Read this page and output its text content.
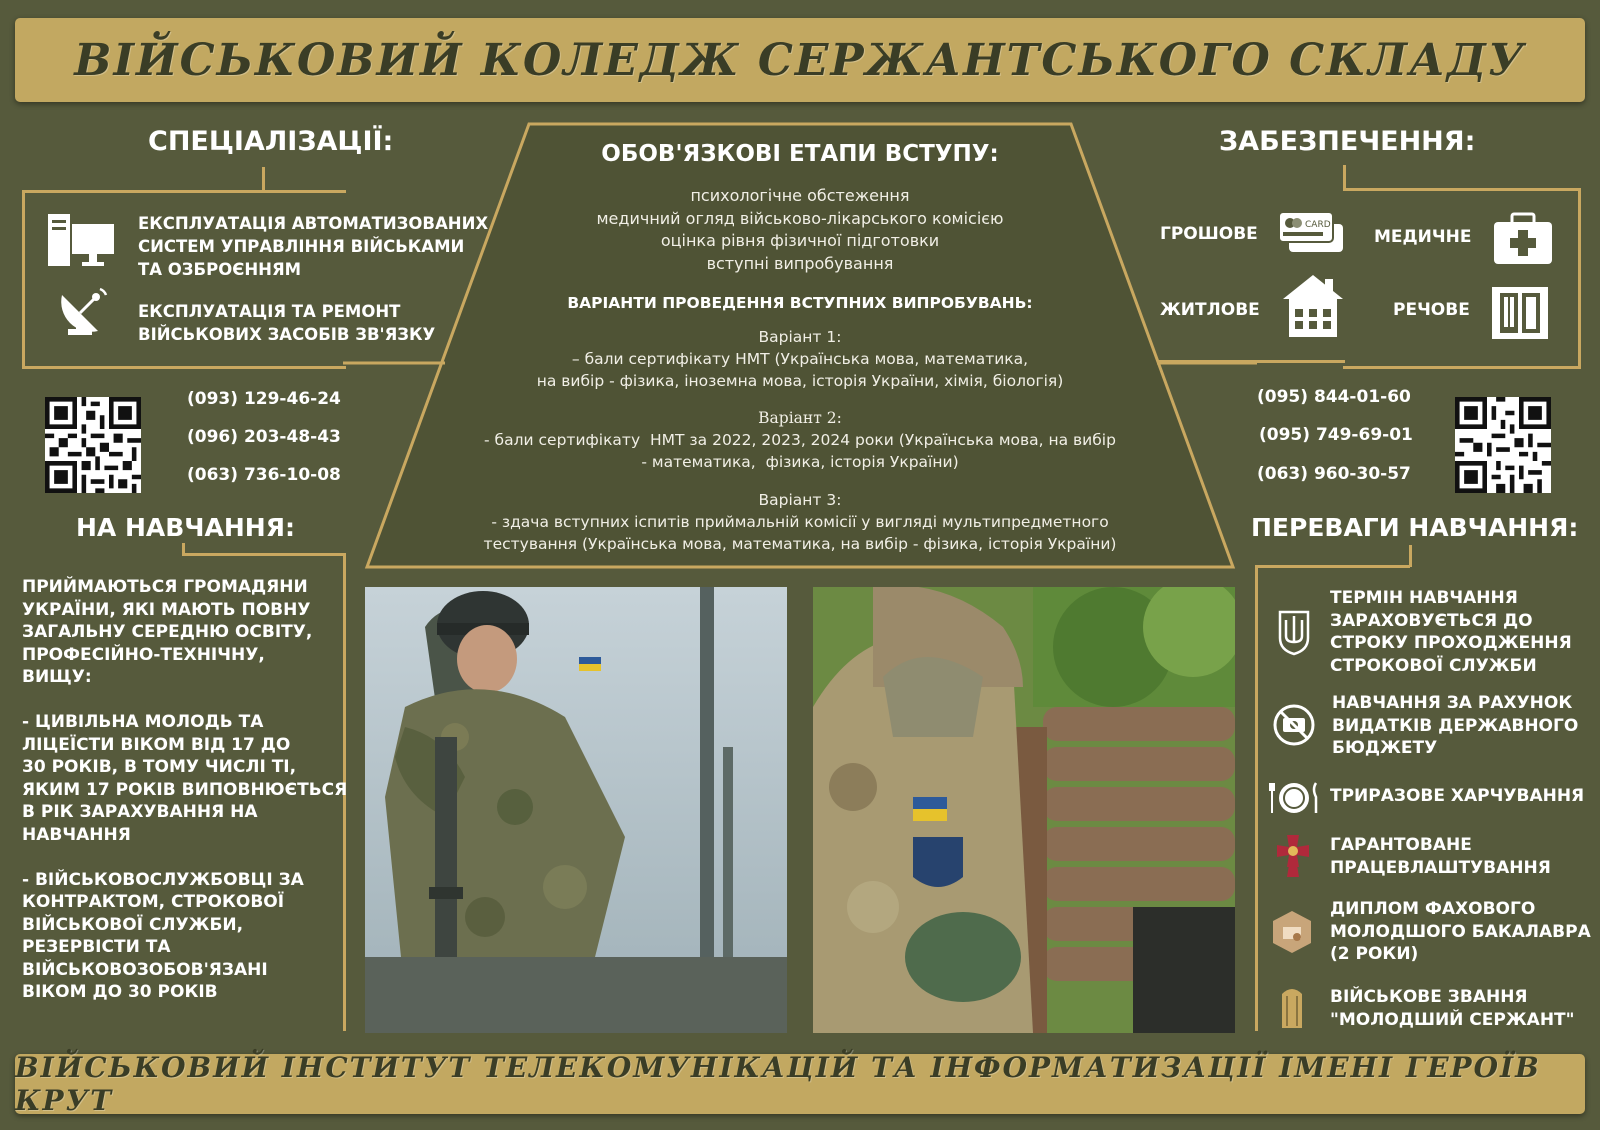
ВІЙСЬКОВИЙ КОЛЕДЖ СЕРЖАНТСЬКОГО СКЛАДУ
СПЕЦІАЛІЗАЦІЇ:
ЕКСПЛУАТАЦІЯ АВТОМАТИЗОВАНИХ
СИСТЕМ УПРАВЛІННЯ ВІЙСЬКАМИ
ТА ОЗБРОЄННЯМ
ЕКСПЛУАТАЦІЯ ТА РЕМОНТ
ВІЙСЬКОВИХ ЗАСОБІВ ЗВ'ЯЗКУ
(093) 129-46-24
(096) 203-48-43
(063) 736-10-08
НА НАВЧАННЯ:
ПРИЙМАЮТЬСЯ ГРОМАДЯНИ
УКРАЇНИ, ЯКІ МАЮТЬ ПОВНУ
ЗАГАЛЬНУ СЕРЕДНЮ ОСВІТУ,
ПРОФЕСІЙНО-ТЕХНІЧНУ,
ВИЩУ:

- ЦИВІЛЬНА МОЛОДЬ ТА
ЛІЦЕЇСТИ ВІКОМ ВІД 17 ДО
30 РОКІВ, В ТОМУ ЧИСЛІ ТІ,
ЯКИМ 17 РОКІВ ВИПОВНЮЄТЬСЯ
В РІК ЗАРАХУВАННЯ НА
НАВЧАННЯ

- ВІЙСЬКОВОСЛУЖБОВЦІ ЗА
КОНТРАКТОМ, СТРОКОВОЇ
ВІЙСЬКОВОЇ СЛУЖБИ,
РЕЗЕРВІСТИ ТА
ВІЙСЬКОВОЗОБОВ'ЯЗАНІ
ВІКОМ ДО 30 РОКІВ
ОБОВ'ЯЗКОВІ ЕТАПИ ВСТУПУ:
психологічне обстеження
медичний огляд військово-лікарського комісією
оцінка рівня фізичної підготовки
вступні випробування
ВАРІАНТИ ПРОВЕДЕННЯ ВСТУПНИХ ВИПРОБУВАНЬ:
Варіант 1:
– бали сертифікату НМТ (Українська мова, математика,
на вибір - фізика, іноземна мова, історія України, хімія, біологія)
Варіант 2:
- бали сертифікату  НМТ за 2022, 2023, 2024 роки (Українська мова, на вибір
- математика,  фізика, історія України)
Варіант 3:
- здача вступних іспитів приймальній комісії у вигляді мультипредметного
тестування (Українська мова, математика, на вибір - фізика, історія України)
ЗАБЕЗПЕЧЕННЯ:
ГРОШОВЕ	CARD
МЕДИЧНЕ
ЖИТЛОВЕ	РЕЧОВЕ
(095) 844-01-60
(095) 749-69-01
(063) 960-30-57
ПЕРЕВАГИ НАВЧАННЯ:
ТЕРМІН НАВЧАННЯ
ЗАРАХОВУЄТЬСЯ ДО
СТРОКУ ПРОХОДЖЕННЯ
СТРОКОВОЇ СЛУЖБИ
НАВЧАННЯ ЗА РАХУНОК
ВИДАТКІВ ДЕРЖАВНОГО
БЮДЖЕТУ
ТРИРАЗОВЕ ХАРЧУВАННЯ
ГАРАНТОВАНЕ
ПРАЦЕВЛАШТУВАННЯ
ДИПЛОМ ФАХОВОГО
МОЛОДШОГО БАКАЛАВРА
(2 РОКИ)
ВІЙСЬКОВЕ ЗВАННЯ
"МОЛОДШИЙ СЕРЖАНТ"
ВІЙСЬКОВИЙ ІНСТИТУТ ТЕЛЕКОМУНІКАЦІЙ ТА ІНФОРМАТИЗАЦІЇ ІМЕНІ ГЕРОЇВ КРУТ
